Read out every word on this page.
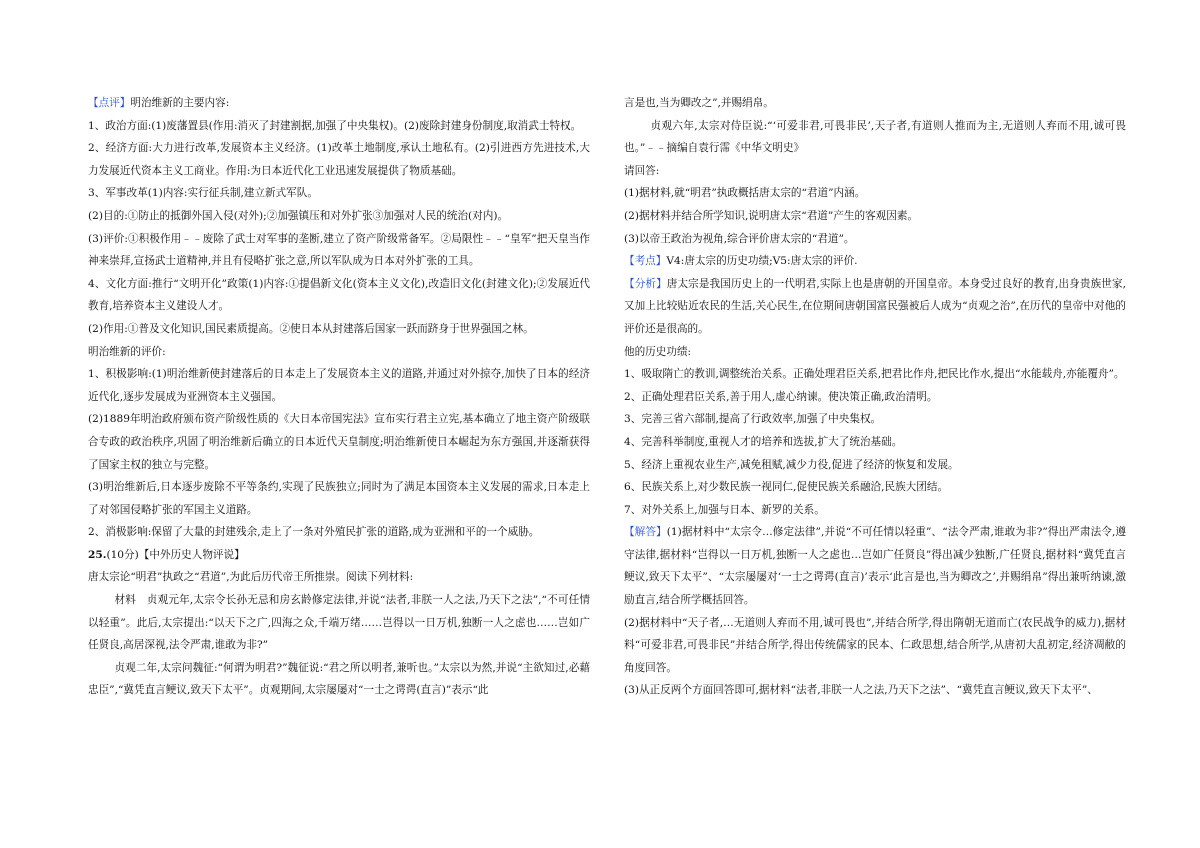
【点评】明治维新的主要内容:

1、政治方面:(1)废藩置县(作用:消灭了封建割据,加强了中央集权)。(2)废除封建身份制度,取消武士特权。

2、经济方面:大力进行改革,发展资本主义经济。(1)改革土地制度,承认土地私有。(2)引进西方先进技术,大力发展近代资本主义工商业。作用:为日本近代化工业迅速发展提供了物质基础。

3、军事改革(1)内容:实行征兵制,建立新式军队。

(2)目的:①防止的抵御外国入侵(对外);②加强镇压和对外扩张③加强对人民的统治(对内)。

(3)评价:①积极作用﹣﹣废除了武士对军事的垄断,建立了资产阶级常备军。②局限性﹣﹣“皇军”把天皇当作神来崇拜,宣扬武士道精神,并且有侵略扩张之意,所以军队成为日本对外扩张的工具。

4、文化方面:推行“文明开化”政策(1)内容:①提倡新文化(资本主义文化),改造旧文化(封建文化);②发展近代教育,培养资本主义建设人才。

(2)作用:①普及文化知识,国民素质提高。②使日本从封建落后国家一跃而跻身于世界强国之林。

明治维新的评价:

1、积极影响:(1)明治维新使封建落后的日本走上了发展资本主义的道路,并通过对外掠夺,加快了日本的经济近代化,逐步发展成为亚洲资本主义强国。

(2)1889年明治政府颁布资产阶级性质的《大日本帝国宪法》宣布实行君主立宪,基本确立了地主资产阶级联合专政的政治秩序,巩固了明治维新后确立的日本近代天皇制度;明治维新使日本崛起为东方强国,并逐渐获得了国家主权的独立与完整。

(3)明治维新后,日本逐步废除不平等条约,实现了民族独立;同时为了满足本国资本主义发展的需求,日本走上了对邻国侵略扩张的军国主义道路。

2、消极影响:保留了大量的封建残余,走上了一条对外殖民扩张的道路,成为亚洲和平的一个威胁。

25.(10分)【中外历史人物评说】

唐太宗论“明君”执政之“君道”,为此后历代帝王所推崇。阅读下列材料:

材料　贞观元年,太宗令长孙无忌和房玄龄修定法律,并说“法者,非朕一人之法,乃天下之法”,“不可任情以轻重”。此后,太宗提出:“以天下之广,四海之众,千端万绪……岂得以一日万机,独断一人之虑也……岂如广任贤良,高居深视,法令严肃,谁敢为非?”

贞观二年,太宗问魏征:“何谓为明君?”魏征说:“君之所以明者,兼听也。”太宗以为然,并说“主欲知过,必藉忠臣”,“冀凭直言鲠议,致天下太平”。贞观期间,太宗屡屡对“一士之谔谔(直言)”表示“此

言是也,当为卿改之”,并赐绢帛。

贞观六年,太宗对侍臣说:“‘可爱非君,可畏非民’,天子者,有道则人推而为主,无道则人弃而不用,诚可畏也。”﹣﹣摘编自袁行霈《中华文明史》

请回答:

(1)据材料,就“明君”执政概括唐太宗的“君道”内涵。

(2)据材料并结合所学知识,说明唐太宗“君道”产生的客观因素。

(3)以帝王政治为视角,综合评价唐太宗的“君道”。

【考点】V4:唐太宗的历史功绩;V5:唐太宗的评价.

【分析】唐太宗是我国历史上的一代明君,实际上也是唐朝的开国皇帝。本身受过良好的教育,出身贵族世家,又加上比较贴近农民的生活,关心民生,在位期间唐朝国富民强被后人成为“贞观之治”,在历代的皇帝中对他的评价还是很高的。

他的历史功绩:

1、吸取隋亡的教训,调整统治关系。正确处理君臣关系,把君比作舟,把民比作水,提出“水能载舟,亦能覆舟”。

2、正确处理君臣关系,善于用人,虚心纳谏。使决策正确,政治清明。

3、完善三省六部制,提高了行政效率,加强了中央集权。

4、完善科举制度,重视人才的培养和选拔,扩大了统治基础。

5、经济上重视农业生产,减免租赋,减少力役,促进了经济的恢复和发展。

6、民族关系上,对少数民族一视同仁,促使民族关系融洽,民族大团结。

7、对外关系上,加强与日本、新罗的关系。

【解答】(1)据材料中“太宗令…修定法律”,并说“不可任情以轻重”、“法令严肃,谁敢为非?”得出严肃法令,遵守法律,据材料“岂得以一日万机,独断一人之虑也…岂如广任贤良”得出减少独断,广任贤良,据材料“冀凭直言鲠议,致天下太平”、“太宗屡屡对‘一士之谔谔(直言)’表示‘此言是也,当为卿改之’,并赐绢帛”得出兼听纳谏,激励直言,结合所学概括回答。

(2)据材料中“天子者,…无道则人弃而不用,诚可畏也”,并结合所学,得出隋朝无道而亡(农民战争的威力),据材料“可爱非君,可畏非民”并结合所学,得出传统儒家的民本、仁政思想,结合所学,从唐初大乱初定,经济凋敝的角度回答。

(3)从正反两个方面回答即可,据材料“法者,非朕一人之法,乃天下之法”、“冀凭直言鲠议,致天下太平”、
